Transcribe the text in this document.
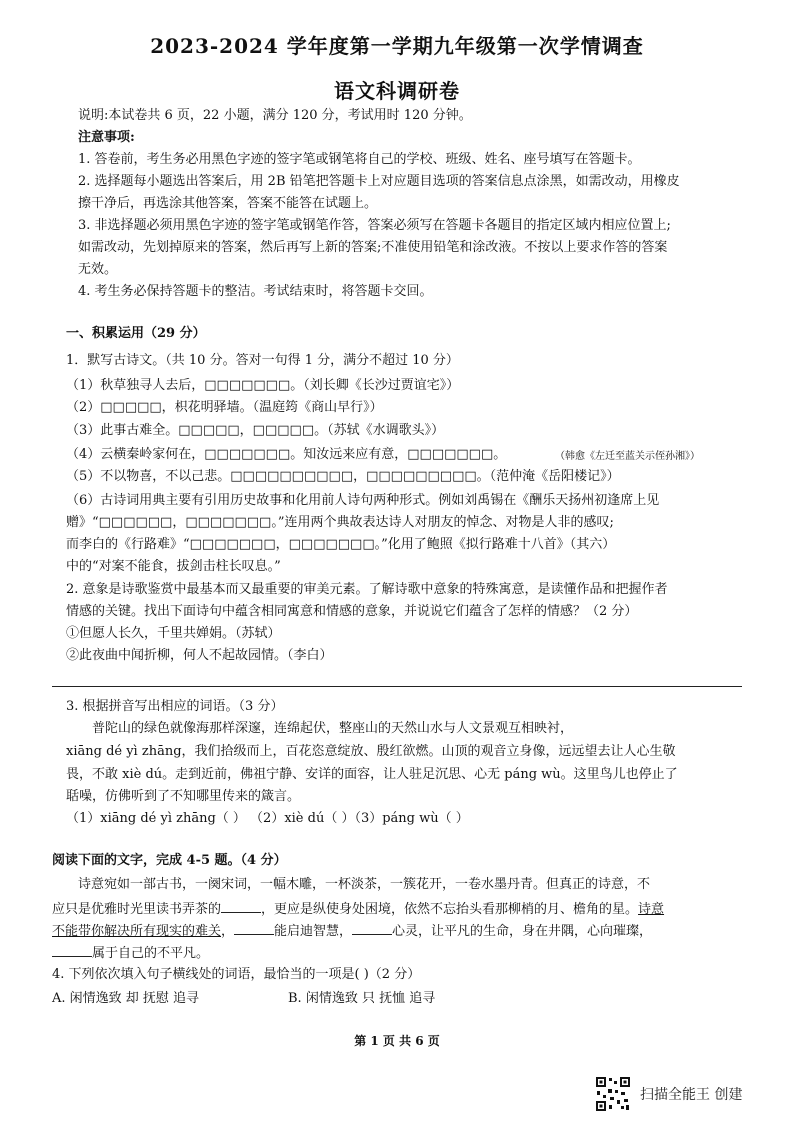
2023-2024 学年度第一学期九年级第一次学情调查
语文科调研卷
说明:本试卷共 6 页，22 小题，满分 120 分，考试用时 120 分钟。
注意事项:
1. 答卷前，考生务必用黑色字迹的签字笔或钢笔将自己的学校、班级、姓名、座号填写在答题卡。
2. 选择题每小题选出答案后，用 2B 铅笔把答题卡上对应题目选项的答案信息点涂黑，如需改动，用橡皮
擦干净后，再选涂其他答案，答案不能答在试题上。
3. 非选择题必须用黑色字迹的签字笔或钢笔作答，答案必须写在答题卡各题目的指定区域内相应位置上;
如需改动，先划掉原来的答案，然后再写上新的答案;不准使用铅笔和涂改液。不按以上要求作答的答案
无效。
4. 考生务必保持答题卡的整洁。考试结束时，将答题卡交回。
一、积累运用（29 分）
1．默写古诗文。（共 10 分。答对一句得 1 分，满分不超过 10 分）
（1）秋草独寻人去后，□□□□□□□。（刘长卿《长沙过贾谊宅》）
（2）□□□□□，枳花明驿墙。（温庭筠《商山早行》）
（3）此事古难全。□□□□□，□□□□□。（苏轼《水调歌头》）
（4）云横秦岭家何在，□□□□□□□。知汝远来应有意，□□□□□□□。	（韩愈《左迁至蓝关示侄孙湘》）
（5）不以物喜，不以己悲。□□□□□□□□□□，□□□□□□□□□。（范仲淹《岳阳楼记》）
（6）古诗词用典主要有引用历史故事和化用前人诗句两种形式。例如刘禹锡在《酬乐天扬州初逢席上见
赠》“□□□□□□，□□□□□□□。”连用两个典故表达诗人对朋友的悼念、对物是人非的感叹;
而李白的《行路难》“□□□□□□□，□□□□□□□。”化用了鲍照《拟行路难十八首》（其六）
中的“对案不能食，拔剑击柱长叹息。”
2. 意象是诗歌鉴赏中最基本而又最重要的审美元素。了解诗歌中意象的特殊寓意，是读懂作品和把握作者
情感的关键。找出下面诗句中蕴含相同寓意和情感的意象，并说说它们蕴含了怎样的情感？（2 分）
①但愿人长久，千里共婵娟。（苏轼）
②此夜曲中闻折柳，何人不起故园情。（李白）
3. 根据拼音写出相应的词语。（3 分）
普陀山的绿色就像海那样深邃，连绵起伏，整座山的天然山水与人文景观互相映衬，
xiāng dé yì zhāng，我们拾级而上，百花恣意绽放、殷红欲燃。山顶的观音立身像，远远望去让人心生敬
畏，不敢 xiè dú。走到近前，佛祖宁静、安详的面容，让人驻足沉思、心无 páng wù。这里鸟儿也停止了
聒噪，仿佛听到了不知哪里传来的箴言。
（1）xiāng dé yì zhāng（ ） （2）xiè dú（ ）（3）páng wù（ ）
阅读下面的文字，完成 4-5 题。（4 分）
诗意宛如一部古书，一阕宋词，一幅木雕，一杯淡茶，一簇花开，一卷水墨丹青。但真正的诗意，不
应只是优雅时光里读书弄茶的	，更应是纵使身处困境，依然不忘抬头看那柳梢的月、檐角的星。诗意
不能带你解决所有现实的难关，	能启迪智慧，	心灵，让平凡的生命，身在井隅，心向璀璨，
属于自己的不平凡。
4. 下列依次填入句子横线处的词语，最恰当的一项是( )（2 分）
A. 闲情逸致 却 抚慰 追寻	B. 闲情逸致 只 抚恤 追寻
第 1 页 共 6 页
扫描全能王 创建
